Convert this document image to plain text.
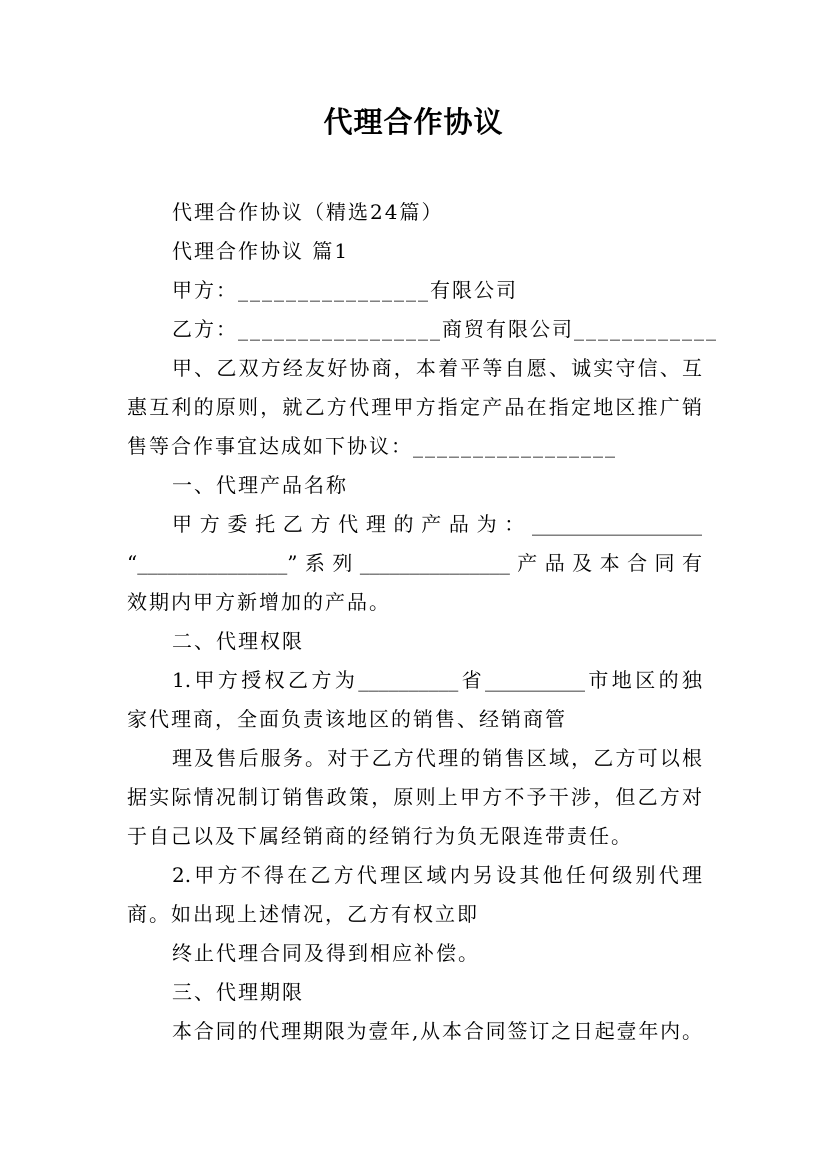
代理合作协议
代理合作协议（精选24篇）
代理合作协议 篇1
甲方：________________有限公司
乙方：_________________商贸有限公司____________
甲、乙双方经友好协商，本着平等自愿、诚实守信、互
惠互利的原则，就乙方代理甲方指定产品在指定地区推广销
售等合作事宜达成如下协议：_________________
一、代理产品名称
甲方委托乙方代理的产品为：_________________
“_______________”系列_______________产品及本合同有
效期内甲方新增加的产品。
二、代理权限
1.甲方授权乙方为__________省__________市地区的独
家代理商，全面负责该地区的销售、经销商管
理及售后服务。对于乙方代理的销售区域，乙方可以根
据实际情况制订销售政策，原则上甲方不予干涉，但乙方对
于自己以及下属经销商的经销行为负无限连带责任。
2.甲方不得在乙方代理区域内另设其他任何级别代理
商。如出现上述情况，乙方有权立即
终止代理合同及得到相应补偿。
三、代理期限
本合同的代理期限为壹年,从本合同签订之日起壹年内。
